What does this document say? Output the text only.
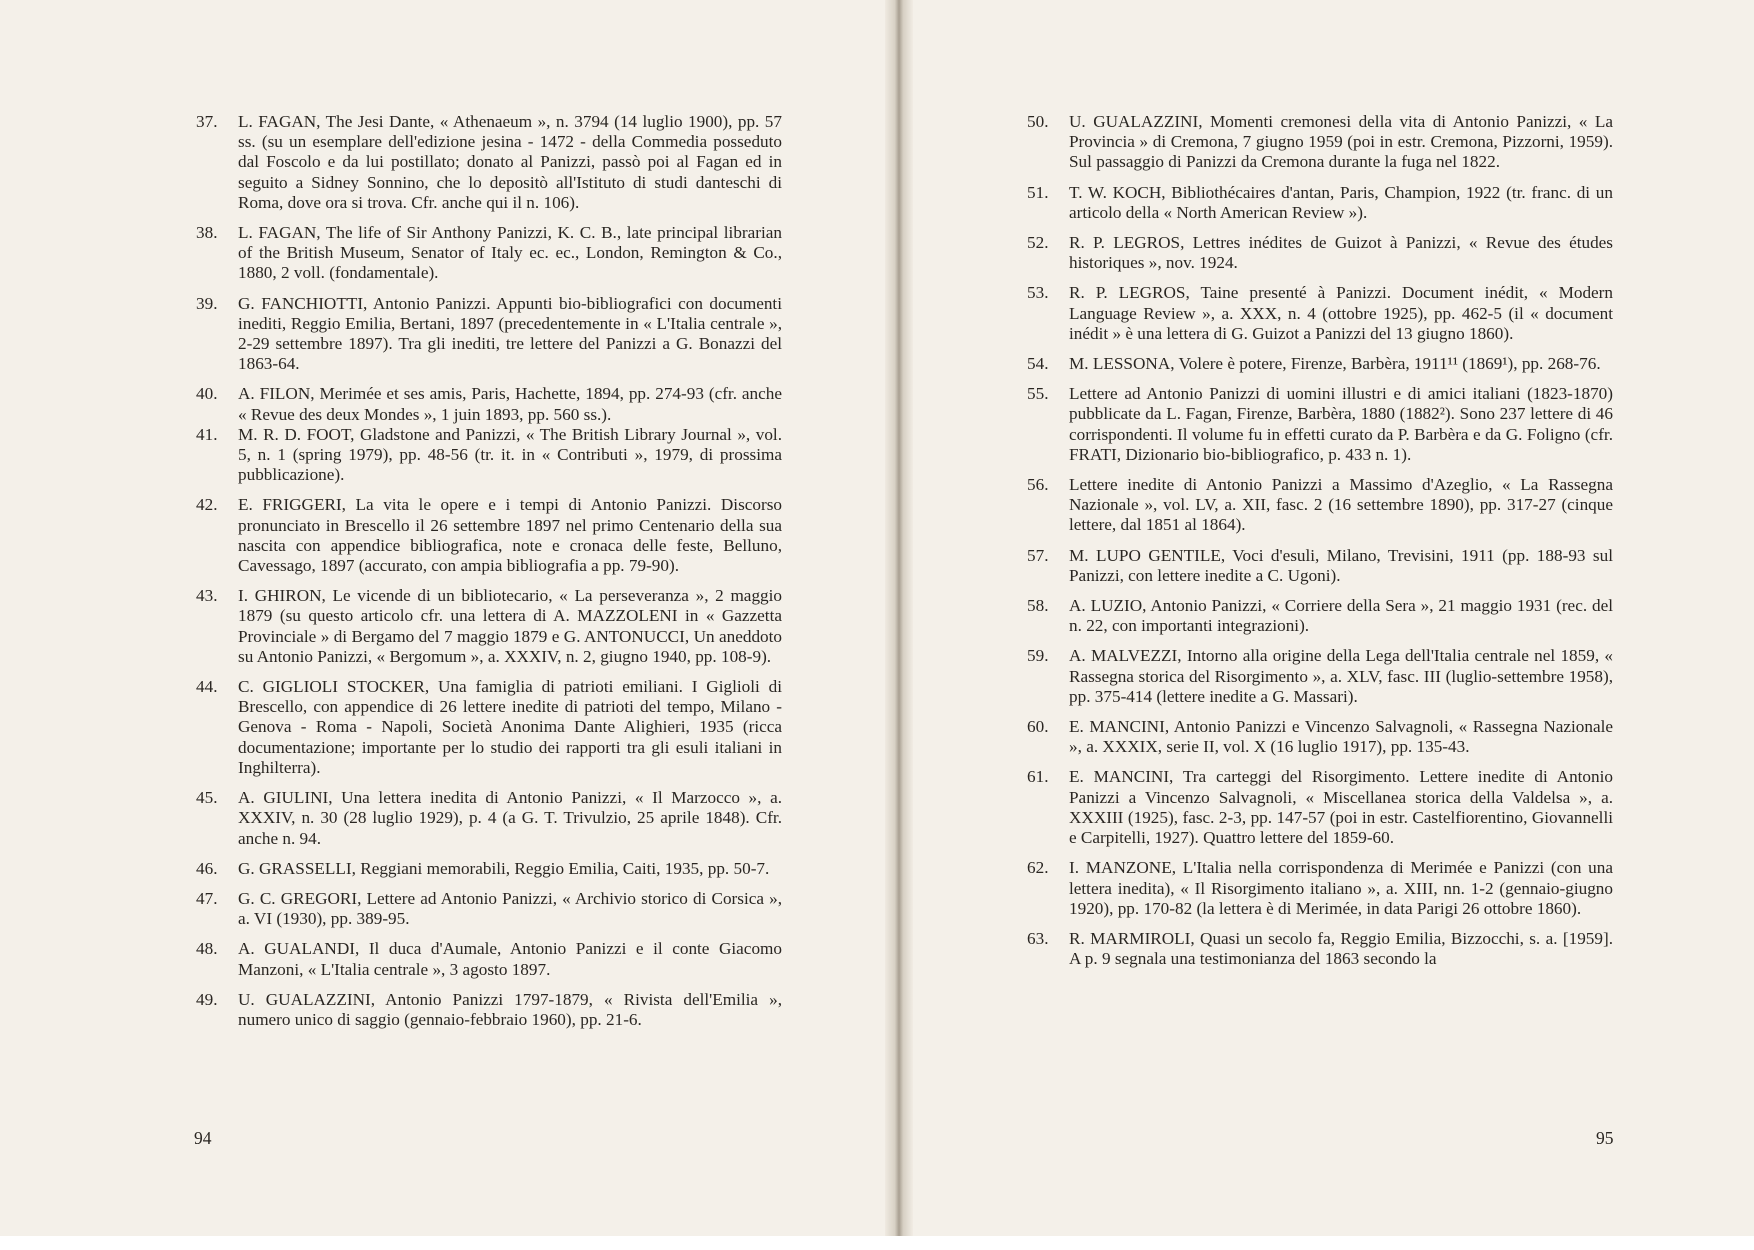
37.	L. FAGAN, The Jesi Dante, « Athenaeum », n. 3794 (14 luglio 1900), pp. 57 ss. (su un esemplare dell'edizione jesina - 1472 - della Commedia posseduto dal Foscolo e da lui postillato; donato al Panizzi, passò poi al Fagan ed in seguito a Sidney Sonnino, che lo depositò all'Istituto di studi danteschi di Roma, dove ora si trova. Cfr. anche qui il n. 106).
38.	L. FAGAN, The life of Sir Anthony Panizzi, K. C. B., late principal librarian of the British Museum, Senator of Italy ec. ec., London, Remington & Co., 1880, 2 voll. (fondamentale).
39.	G. FANCHIOTTI, Antonio Panizzi. Appunti bio-bibliografici con documenti inediti, Reggio Emilia, Bertani, 1897 (precedentemente in « L'Italia centrale », 2-29 settembre 1897). Tra gli inediti, tre lettere del Panizzi a G. Bonazzi del 1863-64.
40.	A. FILON, Merimée et ses amis, Paris, Hachette, 1894, pp. 274-93 (cfr. anche « Revue des deux Mondes », 1 juin 1893, pp. 560 ss.).
41.	M. R. D. FOOT, Gladstone and Panizzi, « The British Library Journal », vol. 5, n. 1 (spring 1979), pp. 48-56 (tr. it. in « Contributi », 1979, di prossima pubblicazione).
42.	E. FRIGGERI, La vita le opere e i tempi di Antonio Panizzi. Discorso pronunciato in Brescello il 26 settembre 1897 nel primo Centenario della sua nascita con appendice bibliografica, note e cronaca delle feste, Belluno, Cavessago, 1897 (accurato, con ampia bibliografia a pp. 79-90).
43.	I. GHIRON, Le vicende di un bibliotecario, « La perseveranza », 2 maggio 1879 (su questo articolo cfr. una lettera di A. MAZZOLENI in « Gazzetta Provinciale » di Bergamo del 7 maggio 1879 e G. ANTONUCCI, Un aneddoto su Antonio Panizzi, « Bergomum », a. XXXIV, n. 2, giugno 1940, pp. 108-9).
44.	C. GIGLIOLI STOCKER, Una famiglia di patrioti emiliani. I Giglioli di Brescello, con appendice di 26 lettere inedite di patrioti del tempo, Milano - Genova - Roma - Napoli, Società Anonima Dante Alighieri, 1935 (ricca documentazione; importante per lo studio dei rapporti tra gli esuli italiani in Inghilterra).
45.	A. GIULINI, Una lettera inedita di Antonio Panizzi, « Il Marzocco », a. XXXIV, n. 30 (28 luglio 1929), p. 4 (a G. T. Trivulzio, 25 aprile 1848). Cfr. anche n. 94.
46.	G. GRASSELLI, Reggiani memorabili, Reggio Emilia, Caiti, 1935, pp. 50-7.
47.	G. C. GREGORI, Lettere ad Antonio Panizzi, « Archivio storico di Corsica », a. VI (1930), pp. 389-95.
48.	A. GUALANDI, Il duca d'Aumale, Antonio Panizzi e il conte Giacomo Manzoni, « L'Italia centrale », 3 agosto 1897.
49.	U. GUALAZZINI, Antonio Panizzi 1797-1879, « Rivista dell'Emilia », numero unico di saggio (gennaio-febbraio 1960), pp. 21-6.
94
50.	U. GUALAZZINI, Momenti cremonesi della vita di Antonio Panizzi, « La Provincia » di Cremona, 7 giugno 1959 (poi in estr. Cremona, Pizzorni, 1959). Sul passaggio di Panizzi da Cremona durante la fuga nel 1822.
51.	T. W. KOCH, Bibliothécaires d'antan, Paris, Champion, 1922 (tr. franc. di un articolo della « North American Review »).
52.	R. P. LEGROS, Lettres inédites de Guizot à Panizzi, « Revue des études historiques », nov. 1924.
53.	R. P. LEGROS, Taine presenté à Panizzi. Document inédit, « Modern Language Review », a. XXX, n. 4 (ottobre 1925), pp. 462-5 (il « document inédit » è una lettera di G. Guizot a Panizzi del 13 giugno 1860).
54.	M. LESSONA, Volere è potere, Firenze, Barbèra, 1911¹¹ (1869¹), pp. 268-76.
55.	Lettere ad Antonio Panizzi di uomini illustri e di amici italiani (1823-1870) pubblicate da L. Fagan, Firenze, Barbèra, 1880 (1882²). Sono 237 lettere di 46 corrispondenti. Il volume fu in effetti curato da P. Barbèra e da G. Foligno (cfr. FRATI, Dizionario bio-bibliografico, p. 433 n. 1).
56.	Lettere inedite di Antonio Panizzi a Massimo d'Azeglio, « La Rassegna Nazionale », vol. LV, a. XII, fasc. 2 (16 settembre 1890), pp. 317-27 (cinque lettere, dal 1851 al 1864).
57.	M. LUPO GENTILE, Voci d'esuli, Milano, Trevisini, 1911 (pp. 188-93 sul Panizzi, con lettere inedite a C. Ugoni).
58.	A. LUZIO, Antonio Panizzi, « Corriere della Sera », 21 maggio 1931 (rec. del n. 22, con importanti integrazioni).
59.	A. MALVEZZI, Intorno alla origine della Lega dell'Italia centrale nel 1859, « Rassegna storica del Risorgimento », a. XLV, fasc. III (luglio-settembre 1958), pp. 375-414 (lettere inedite a G. Massari).
60.	E. MANCINI, Antonio Panizzi e Vincenzo Salvagnoli, « Rassegna Nazionale », a. XXXIX, serie II, vol. X (16 luglio 1917), pp. 135-43.
61.	E. MANCINI, Tra carteggi del Risorgimento. Lettere inedite di Antonio Panizzi a Vincenzo Salvagnoli, « Miscellanea storica della Valdelsa », a. XXXIII (1925), fasc. 2-3, pp. 147-57 (poi in estr. Castelfiorentino, Giovannelli e Carpitelli, 1927). Quattro lettere del 1859-60.
62.	I. MANZONE, L'Italia nella corrispondenza di Merimée e Panizzi (con una lettera inedita), « Il Risorgimento italiano », a. XIII, nn. 1-2 (gennaio-giugno 1920), pp. 170-82 (la lettera è di Merimée, in data Parigi 26 ottobre 1860).
63.	R. MARMIROLI, Quasi un secolo fa, Reggio Emilia, Bizzocchi, s. a. [1959]. A p. 9 segnala una testimonianza del 1863 secondo la
95
